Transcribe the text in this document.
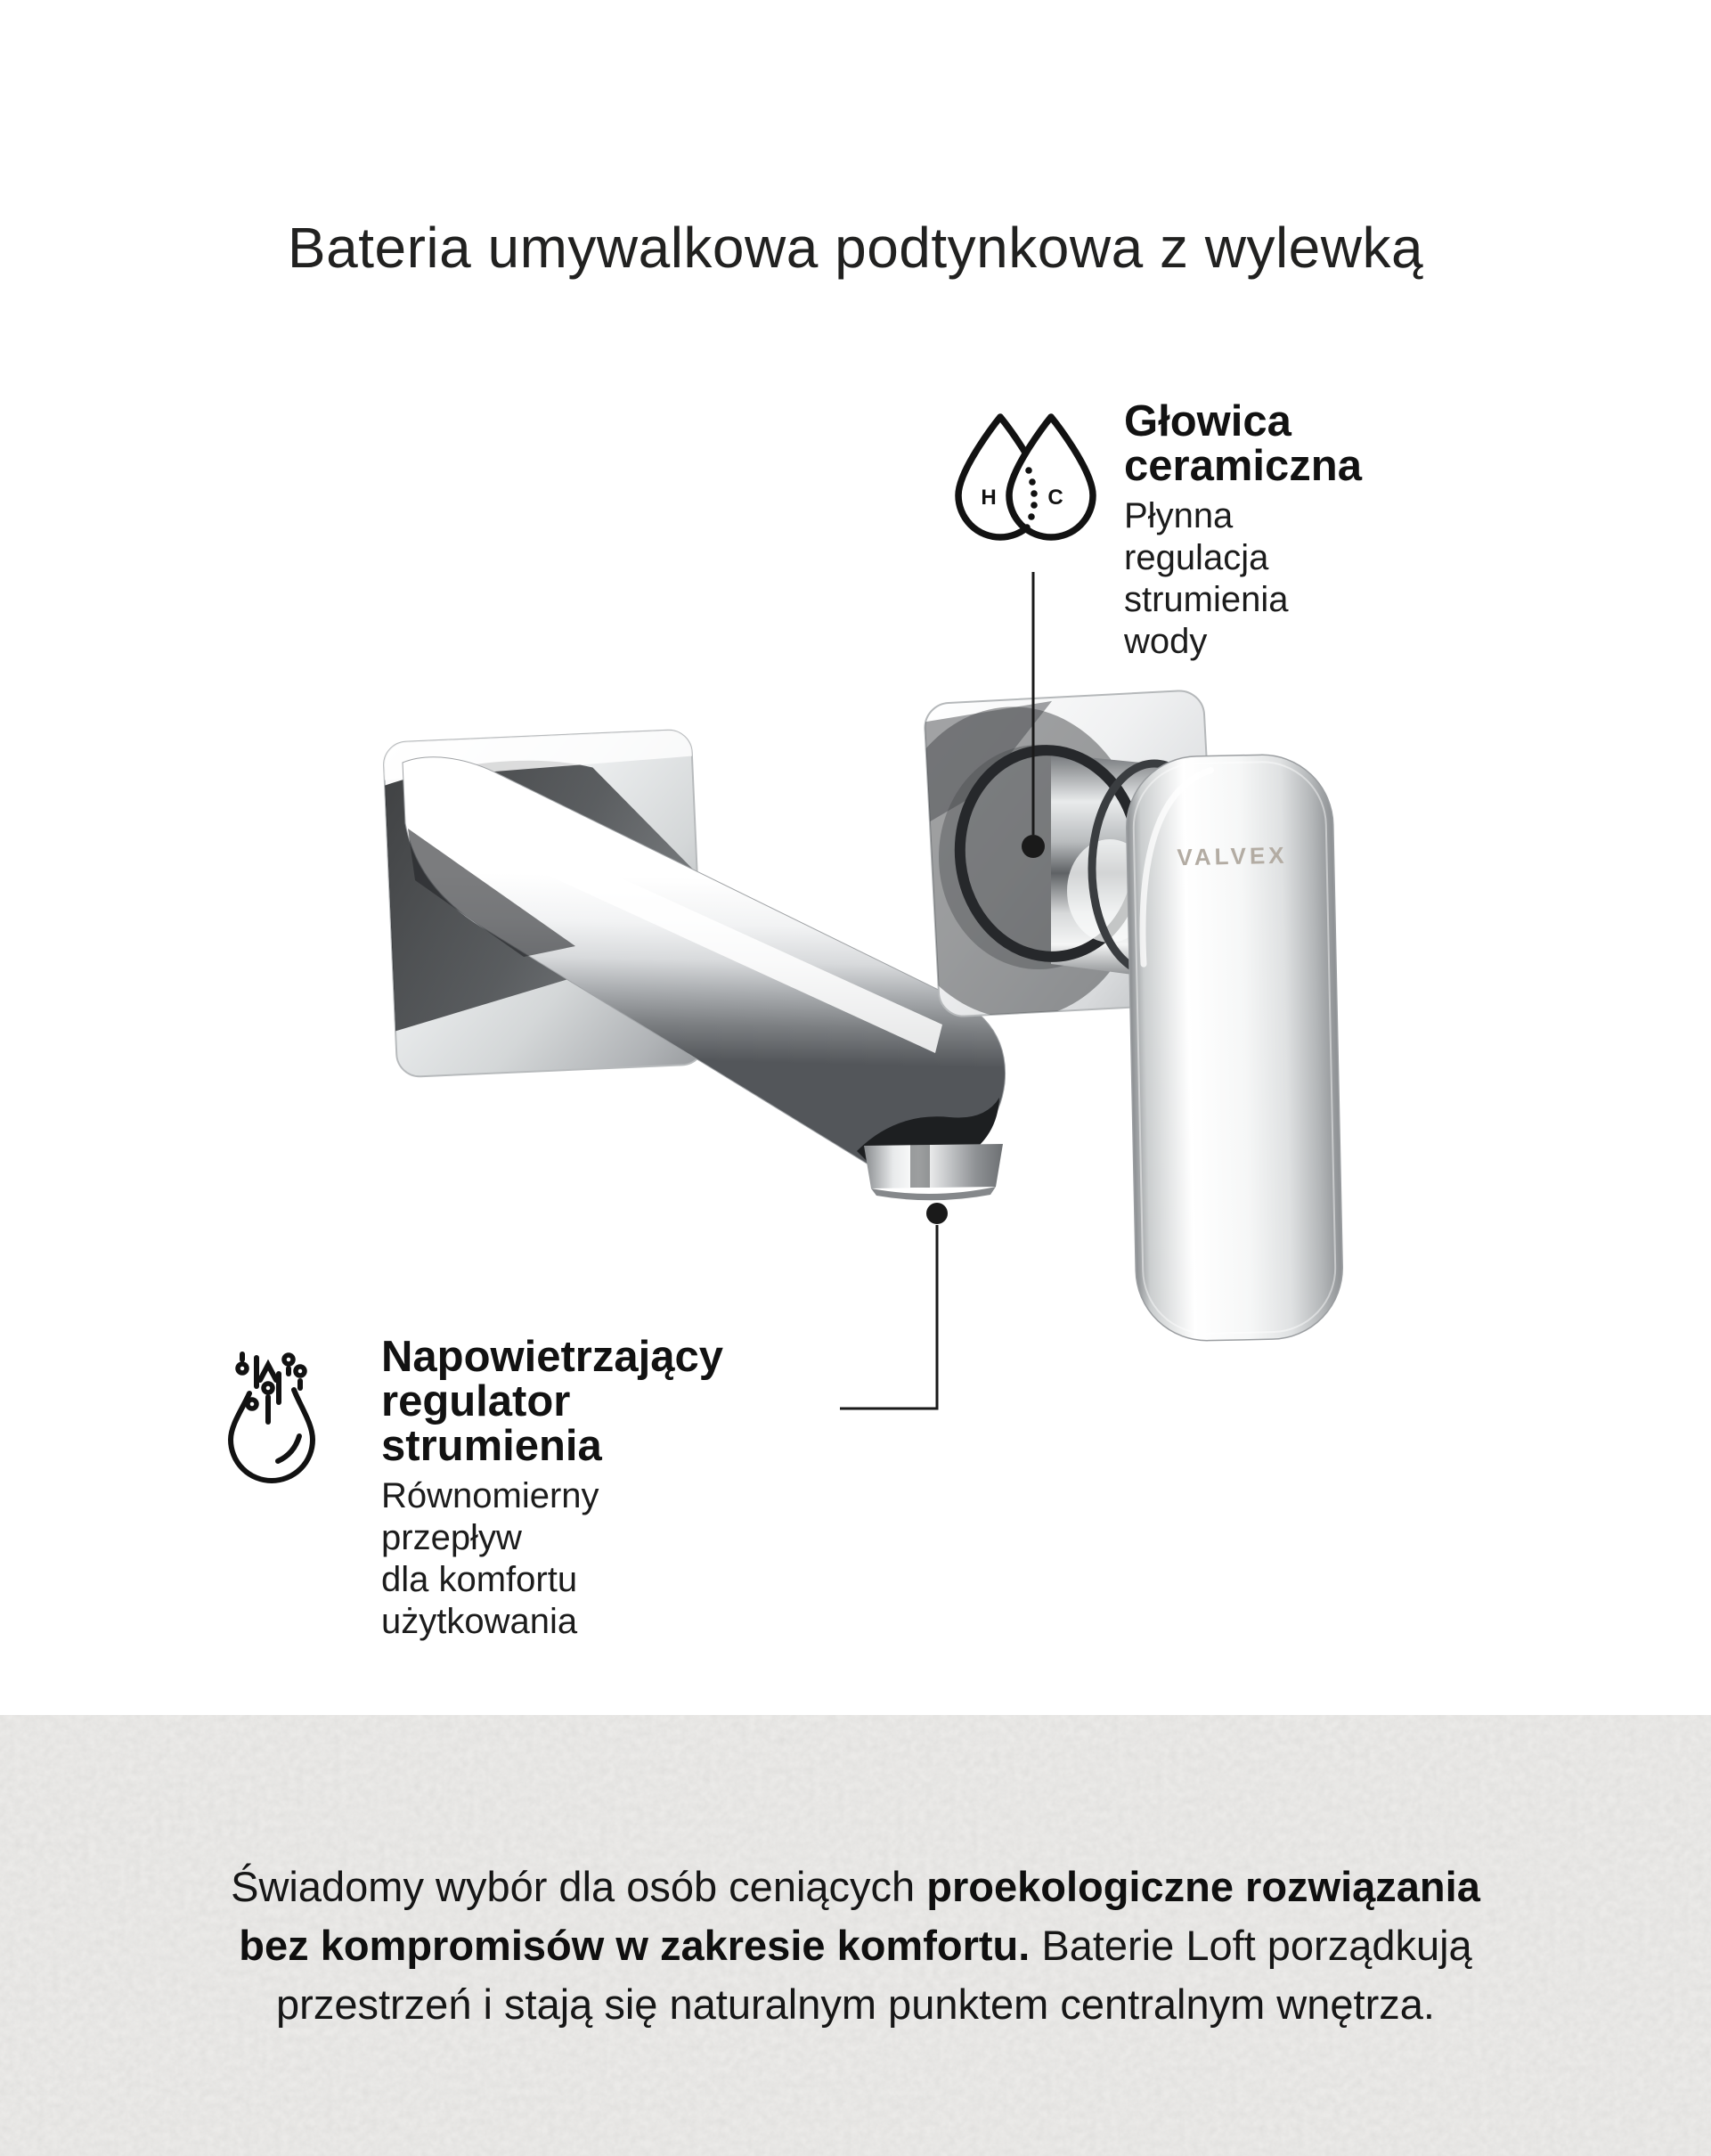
Bateria umywalkowa podtynkowa z wylewką
VALVEX
H C
Głowica
ceramiczna
Płynna regulacja
strumienia wody
Napowietrzający
regulator strumienia
Równomierny przepływ
dla komfortu użytkowania
Świadomy wybór dla osób ceniących proekologiczne rozwiązania
bez kompromisów w zakresie komfortu. Baterie Loft porządkują
przestrzeń i stają się naturalnym punktem centralnym wnętrza.
